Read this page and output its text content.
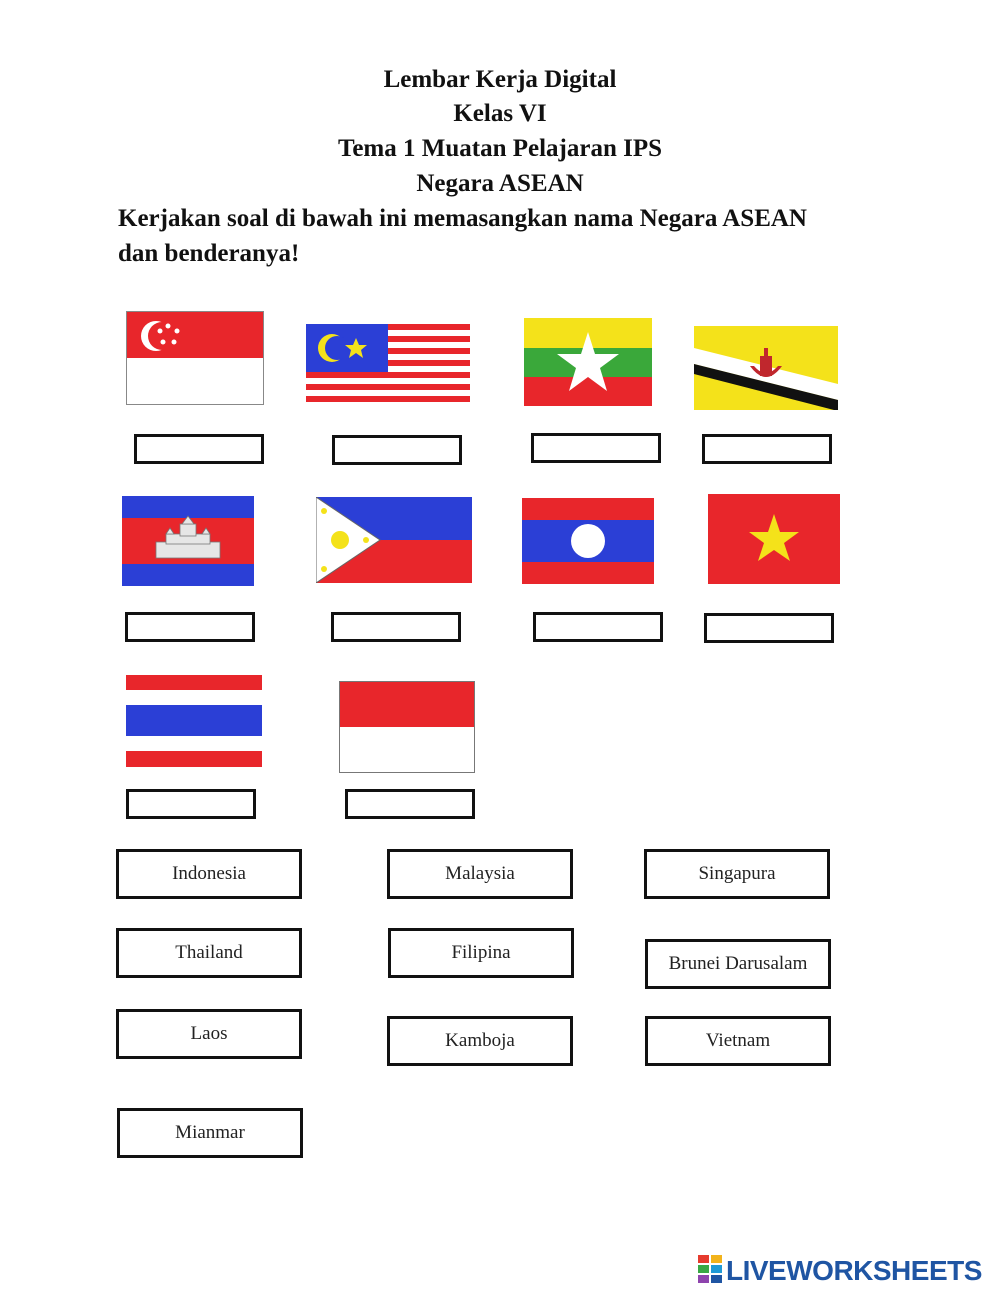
Lembar Kerja Digital
Kelas VI
Tema 1 Muatan Pelajaran IPS
Negara ASEAN
Kerjakan soal di bawah ini memasangkan nama Negara ASEAN
dan benderanya!
Indonesia	Malaysia	Singapura
Thailand	Filipina
Brunei Darusalam
Laos	Kamboja	Vietnam
Mianmar
LIVEWORKSHEETS
